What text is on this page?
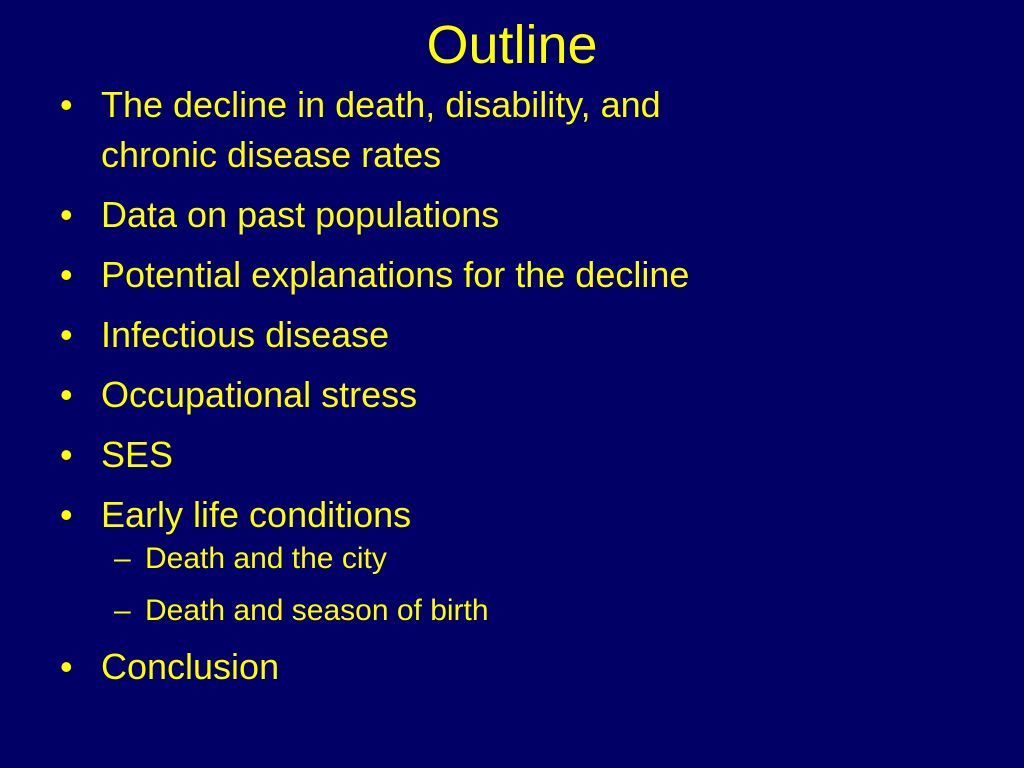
Outline
• The decline in death, disability, and
chronic disease rates
• Data on past populations
• Potential explanations for the decline
• Infectious disease
• Occupational stress
• SES
• Early life conditions
– Death and the city
– Death and season of birth
• Conclusion
